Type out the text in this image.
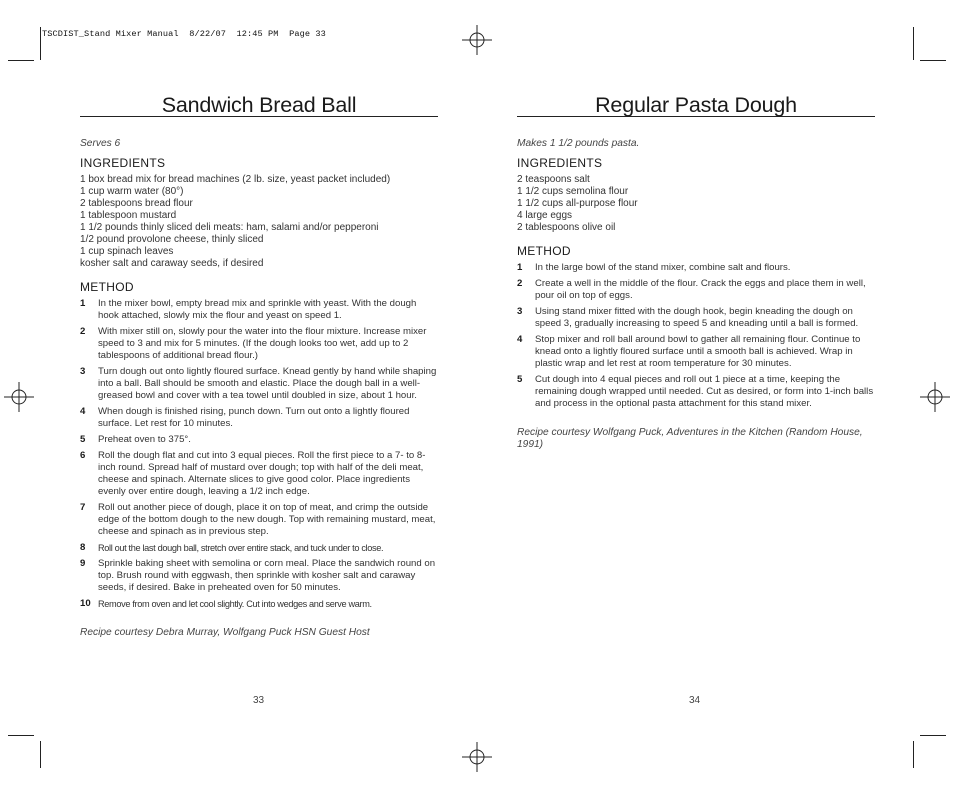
TSCDIST_Stand Mixer Manual  8/22/07  12:45 PM  Page 33
Sandwich Bread Ball
Serves 6
INGREDIENTS
1 box bread mix for bread machines (2 lb. size, yeast packet included)
1 cup warm water (80°)
2 tablespoons bread flour
1 tablespoon mustard
1 1/2 pounds thinly sliced deli meats: ham, salami and/or pepperoni
1/2 pound provolone cheese, thinly sliced
1 cup spinach leaves
kosher salt and caraway seeds, if desired
METHOD
1	In the mixer bowl, empty bread mix and sprinkle with yeast. With the dough hook attached, slowly mix the flour and yeast on speed 1.
2	With mixer still on, slowly pour the water into the flour mixture. Increase mixer speed to 3 and mix for 5 minutes. (If the dough looks too wet, add up to 2 tablespoons of additional bread flour.)
3	Turn dough out onto lightly floured surface. Knead gently by hand while shaping into a ball. Ball should be smooth and elastic. Place the dough ball in a well-greased bowl and cover with a tea towel until doubled in size, about 1 hour.
4	When dough is finished rising, punch down. Turn out onto a lightly floured surface. Let rest for 10 minutes.
5	Preheat oven to 375°.
6	Roll the dough flat and cut into 3 equal pieces. Roll the first piece to a 7- to 8- inch round. Spread half of mustard over dough; top with half of the deli meat, cheese and spinach. Alternate slices to give good color. Place ingredients evenly over entire dough, leaving a 1/2 inch edge.
7	Roll out another piece of dough, place it on top of meat, and crimp the outside edge of the bottom dough to the new dough. Top with remaining mustard, meat, cheese and spinach as in previous step.
8	Roll out the last dough ball, stretch over entire stack, and tuck under to close.
9	Sprinkle baking sheet with semolina or corn meal. Place the sandwich round on top. Brush round with eggwash, then sprinkle with kosher salt and caraway seeds, if desired. Bake in preheated oven for 50 minutes.
10 Remove from oven and let cool slightly. Cut into wedges and serve warm.
Recipe courtesy Debra Murray, Wolfgang Puck HSN Guest Host
33
Regular Pasta Dough
Makes 1 1/2 pounds pasta.
INGREDIENTS
2 teaspoons salt
1 1/2 cups semolina flour
1 1/2 cups all-purpose flour
4 large eggs
2 tablespoons olive oil
METHOD
1	In the large bowl of the stand mixer, combine salt and flours.
2	Create a well in the middle of the flour. Crack the eggs and place them in well, pour oil on top of eggs.
3	Using stand mixer fitted with the dough hook, begin kneading the dough on speed 3, gradually increasing to speed 5 and kneading until a ball is formed.
4	Stop mixer and roll ball around bowl to gather all remaining flour. Continue to knead onto a lightly floured surface until a smooth ball is achieved. Wrap in plastic wrap and let rest at room temperature for 30 minutes.
5	Cut dough into 4 equal pieces and roll out 1 piece at a time, keeping the remaining dough wrapped until needed. Cut as desired, or form into 1-inch balls and process in the optional pasta attachment for this stand mixer.
Recipe courtesy Wolfgang Puck, Adventures in the Kitchen (Random House, 1991)
34
